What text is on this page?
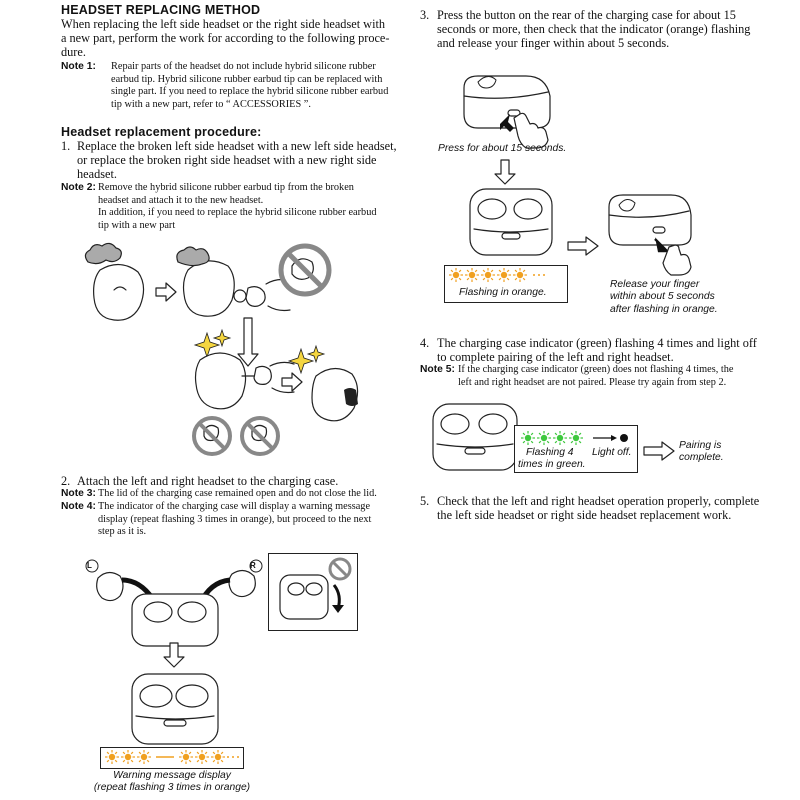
HEADSET REPLACING METHOD
When replacing the left side headset or the right side headset with
a new part, perform the work for according to the following proce-
dure.
Note 1: Repair parts of the headset do not include hybrid silicone rubber
earbud tip. Hybrid silicone rubber earbud tip can be replaced with
single part. If you need to replace the hybrid silicone rubber earbud
tip with a new part, refer to “ ACCESSORIES ”.
Headset replacement procedure:
1. Replace the broken left side headset with a new left side headset,
or replace the broken right side headset with a new right side
headset.
Note 2: Remove the hybrid silicone rubber earbud tip from the broken
headset and attach it to the new headset.
In addition, if you need to replace the hybrid silicone rubber earbud
tip with a new part
2. Attach the left and right headset to the charging case.
Note 3: The lid of the charging case remained open and do not close the lid.
Note 4: The indicator of the charging case will display a warning message
display (repeat flashing 3 times in orange), but proceed to the next
step as it is.
L	R
Warning message display
(repeat flashing 3 times in orange)
3. Press the button on the rear of the charging case for about 15
seconds or more, then check that the indicator (orange) flashing
and release your finger within about 5 seconds.
Press for about 15 seconds.
Flashing in orange.
Release your finger
within about 5 seconds
after flashing in orange.
4. The charging case indicator (green) flashing 4 times and light off
to complete pairing of the left and right headset.
Note 5: If the charging case indicator (green) does not flashing 4 times, the
left and right headset are not paired. Please try again from step 2.
Flashing 4
times in green.
Light off.
Pairing is
complete.
5. Check that the left and right headset operation properly, complete
the left side headset or right side headset replacement work.
